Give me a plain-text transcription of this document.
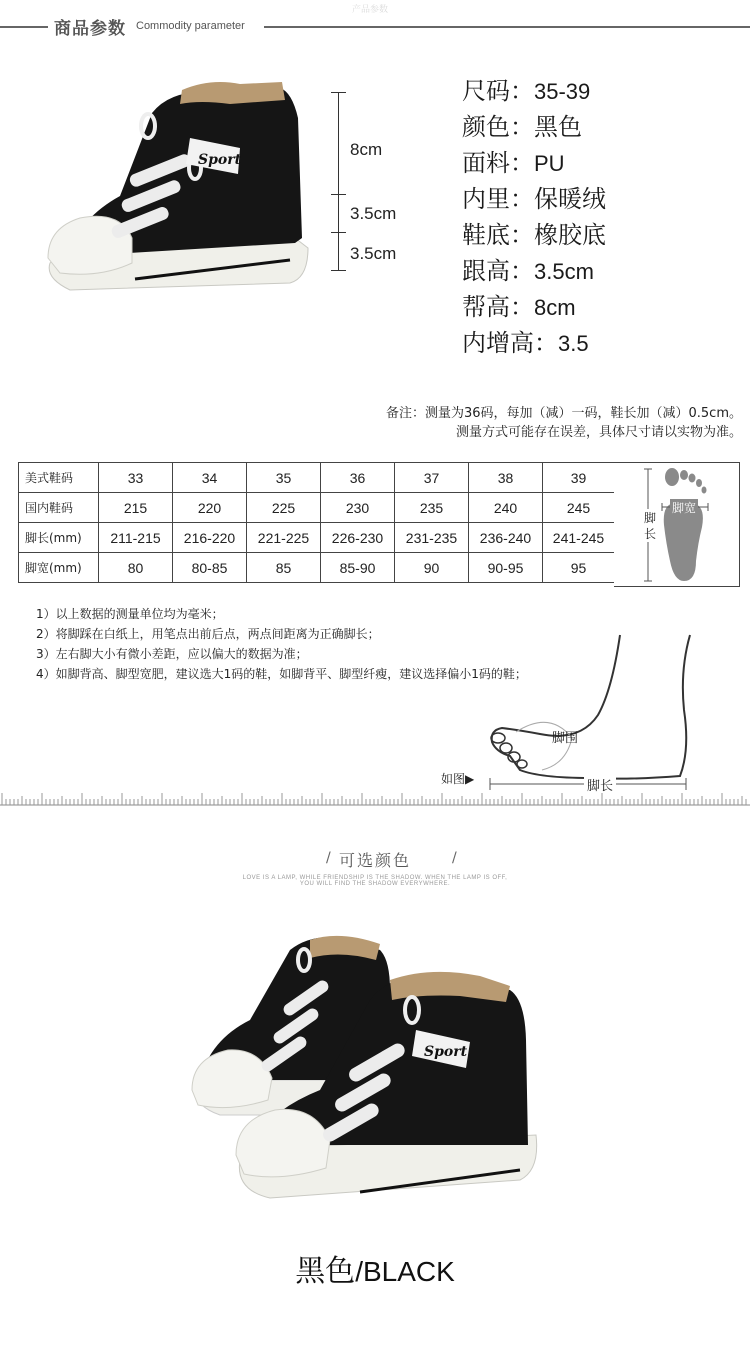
商品参数 Commodity parameter
产品参数
Sport
8cm
3.5cm
3.5cm
尺码：35-39
颜色：黑色
面料：PU
内里：保暖绒
鞋底：橡胶底
跟高：3.5cm
帮高：8cm
内增高：3.5
备注：测量为36码，每加（减）一码，鞋长加（减）0.5cm。
测量方式可能存在误差，具体尺寸请以实物为准。
美式鞋码	33	34	35	36	37	38	39
国内鞋码	215	220	225	230	235	240	245
脚长(mm)	211-215	216-220	221-225	226-230	231-235	236-240	241-245
脚宽(mm)	80	80-85	85	85-90	90	90-95	95
脚宽
脚
长
1）以上数据的测量单位均为毫米；
2）将脚踩在白纸上，用笔点出前后点，两点间距离为正确脚长；
3）左右脚大小有微小差距，应以偏大的数据为准；
4）如脚背高、脚型宽肥，建议选大1码的鞋，如脚背平、脚型纤瘦，建议选择偏小1码的鞋；
脚围
脚长
如图▶
/ 可选颜色	/
LOVE IS A LAMP, WHILE FRIENDSHIP IS THE SHADOW. WHEN THE LAMP IS OFF,
YOU WILL FIND THE SHADOW EVERYWHERE.
Sport
黑色/BLACK
